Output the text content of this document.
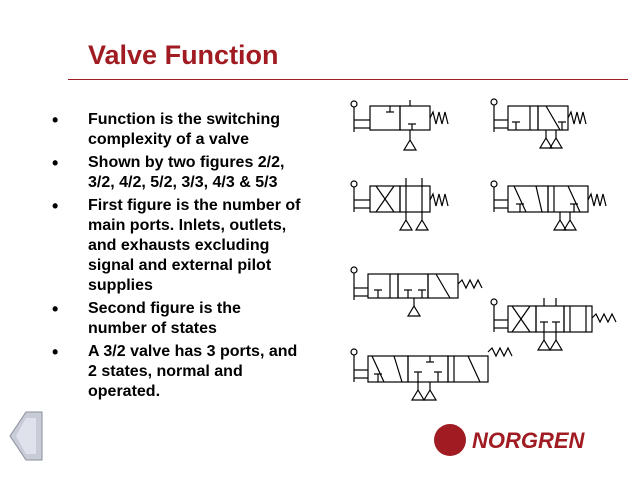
Valve Function
• Function is the switching complexity of a valve
• Shown by two figures 2/2, 3/2, 4/2, 5/2, 3/3, 4/3 & 5/3
• First figure is the number of main ports. Inlets, outlets, and exhausts excluding signal and external pilot supplies
• Second figure is the number of states
• A 3/2 valve has 3 ports, and 2 states, normal and operated.
NORGREN
